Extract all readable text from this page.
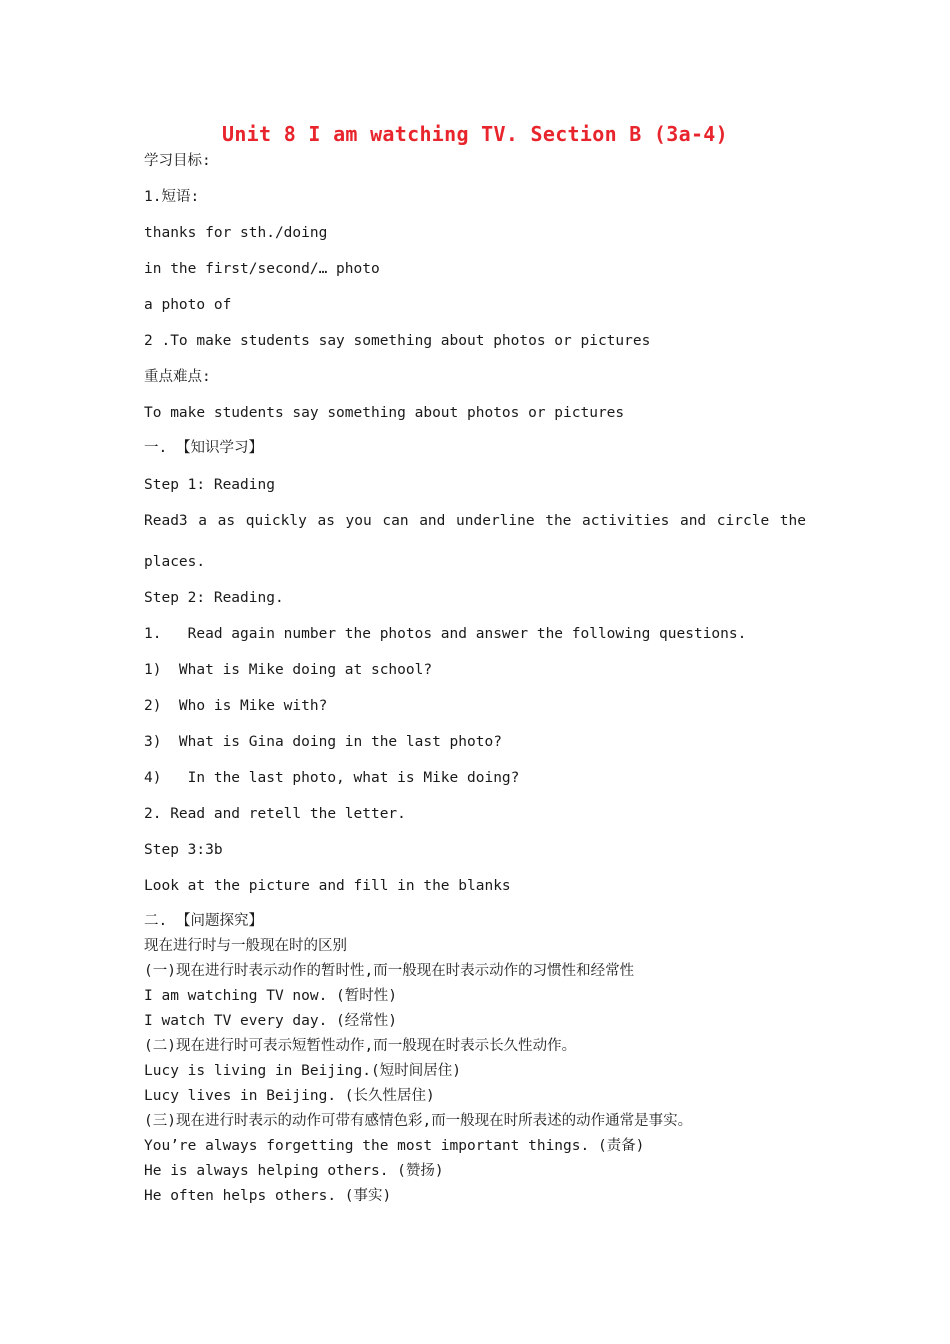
Unit 8 I am watching TV. Section B (3a-4)
学习目标:
1.短语:
thanks for sth./doing
in the first/second/… photo
a photo of
2 .To make students say something about photos or pictures
重点难点:
To make students say something about photos or pictures
一. 【知识学习】
Step 1: Reading
Read3 a as quickly as you can and underline the activities and circle the
places.
Step 2: Reading.
1.   Read again number the photos and answer the following questions.
1)  What is Mike doing at school?
2)  Who is Mike with?
3)  What is Gina doing in the last photo?
4)   In the last photo, what is Mike doing?
2. Read and retell the letter.
Step 3:3b
Look at the picture and fill in the blanks
二. 【问题探究】
现在进行时与一般现在时的区别
(一)现在进行时表示动作的暂时性,而一般现在时表示动作的习惯性和经常性
I am watching TV now. (暂时性)
I watch TV every day. (经常性)
(二)现在进行时可表示短暂性动作,而一般现在时表示长久性动作。
Lucy is living in Beijing.(短时间居住)
Lucy lives in Beijing. (长久性居住)
(三)现在进行时表示的动作可带有感情色彩,而一般现在时所表述的动作通常是事实。
You’re always forgetting the most important things. (责备)
He is always helping others. (赞扬)
He often helps others. (事实)
